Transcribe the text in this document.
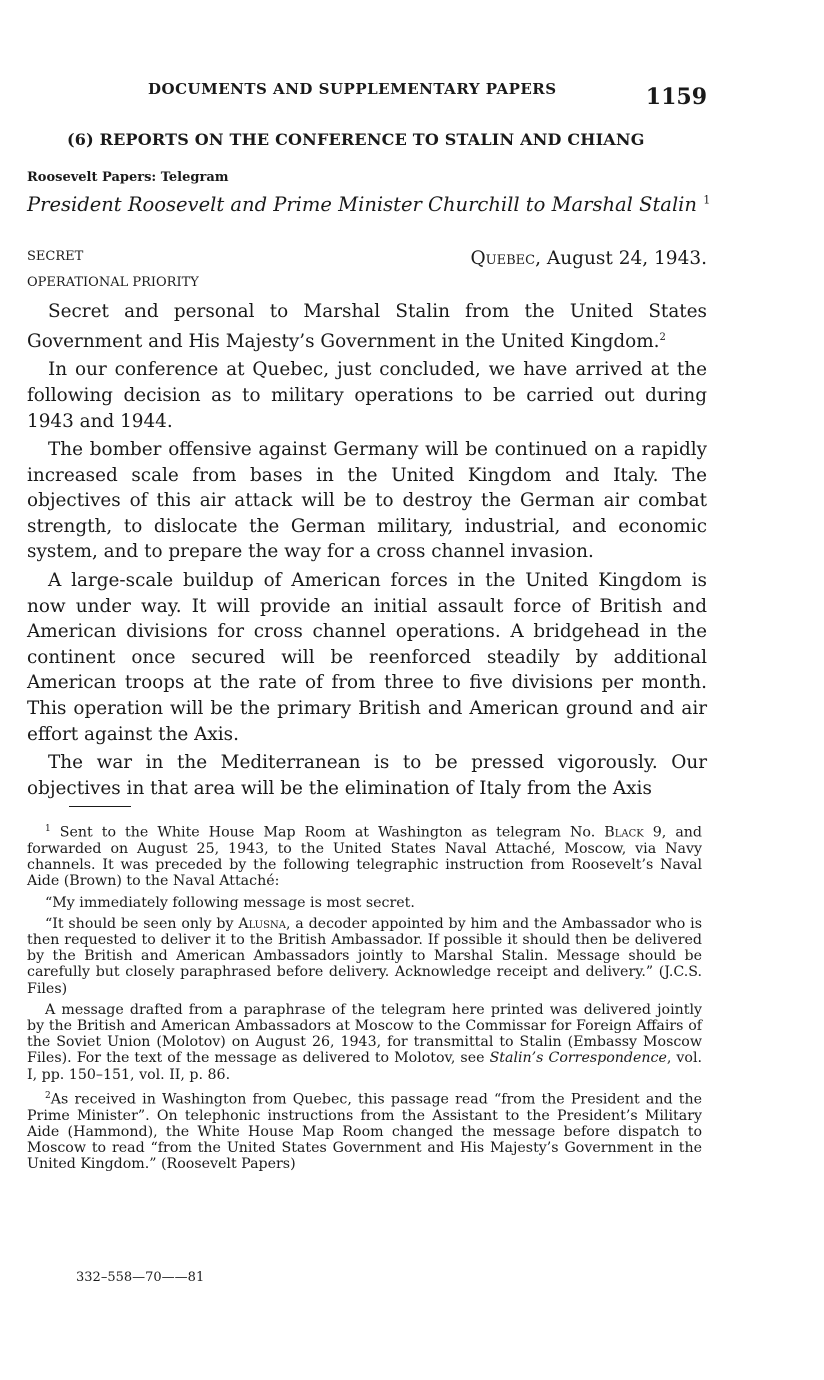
DOCUMENTS AND SUPPLEMENTARY PAPERS	1159
(6) REPORTS ON THE CONFERENCE TO STALIN AND CHIANG
Roosevelt Papers: Telegram
President Roosevelt and Prime Minister Churchill to Marshal Stalin $^1$
SECRET	Quebec, August 24, 1943.
OPERATIONAL PRIORITY

Secret and personal to Marshal Stalin from the United States Government and His Majesty’s Government in the United Kingdom.$^2$

In our conference at Quebec, just concluded, we have arrived at the following decision as to military operations to be carried out during 1943 and 1944.

The bomber offensive against Germany will be continued on a rapidly increased scale from bases in the United Kingdom and Italy. The objectives of this air attack will be to destroy the German air combat strength, to dislocate the German military, industrial, and economic system, and to prepare the way for a cross channel invasion.

A large-scale buildup of American forces in the United Kingdom is now under way. It will provide an initial assault force of British and American divisions for cross channel operations. A bridgehead in the continent once secured will be reenforced steadily by additional American troops at the rate of from three to five divisions per month. This operation will be the primary British and American ground and air effort against the Axis.

The war in the Mediterranean is to be pressed vigorously. Our objectives in that area will be the elimination of Italy from the Axis

$^1$ Sent to the White House Map Room at Washington as telegram No. Black 9, and forwarded on August 25, 1943, to the United States Naval Attaché, Moscow, via Navy channels. It was preceded by the following telegraphic instruction from Roosevelt’s Naval Aide (Brown) to the Naval Attaché:

“My immediately following message is most secret.

“It should be seen only by Alusna, a decoder appointed by him and the Ambassador who is then requested to deliver it to the British Ambassador. If possible it should then be delivered by the British and American Ambassadors jointly to Marshal Stalin. Message should be carefully but closely paraphrased before delivery. Acknowledge receipt and delivery.” (J.C.S. Files)

A message drafted from a paraphrase of the telegram here printed was delivered jointly by the British and American Ambassadors at Moscow to the Commissar for Foreign Affairs of the Soviet Union (Molotov) on August 26, 1943, for transmittal to Stalin (Embassy Moscow Files). For the text of the message as delivered to Molotov, see Stalin’s Correspondence, vol. I, pp. 150–151, vol. II, p. 86.

$^2$As received in Washington from Quebec, this passage read “from the President and the Prime Minister”. On telephonic instructions from the Assistant to the President’s Military Aide (Hammond), the White House Map Room changed the message before dispatch to Moscow to read “from the United States Government and His Majesty’s Government in the United Kingdom.” (Roosevelt Papers)

332–558—70——81
